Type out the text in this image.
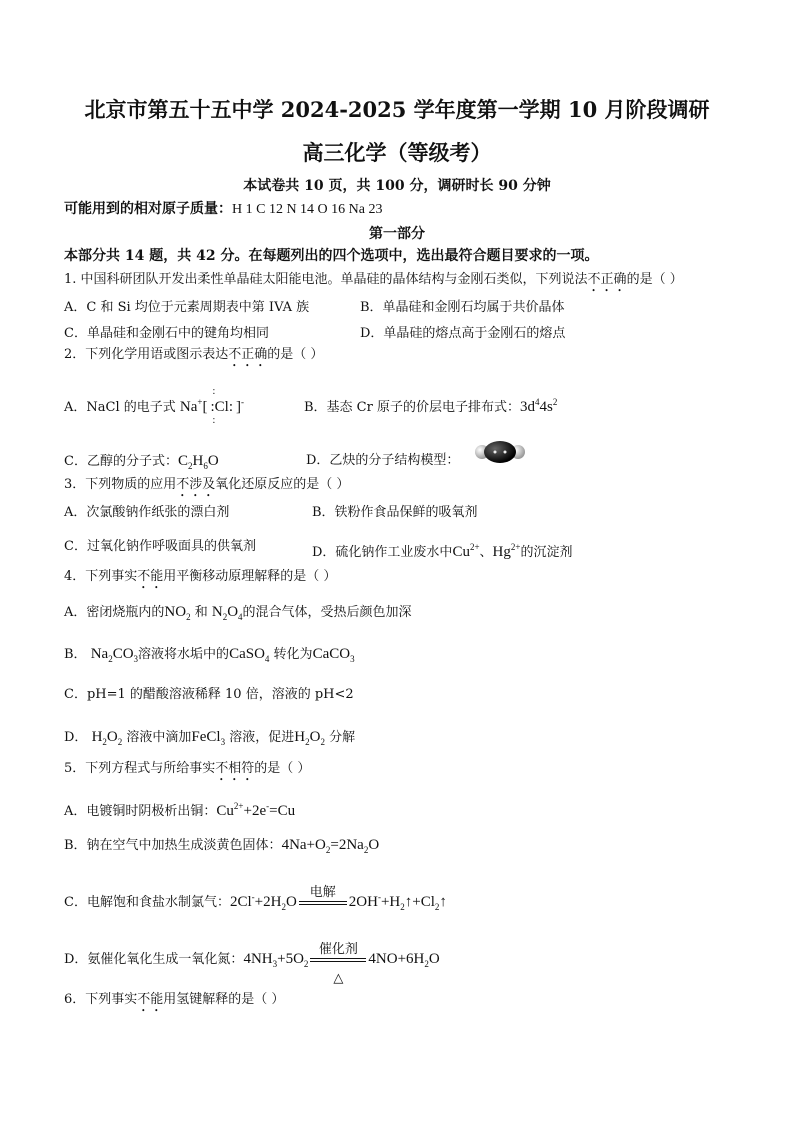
北京市第五十五中学 2024-2025 学年度第一学期 10 月阶段调研
高三化学（等级考）
本试卷共 10 页，共 100 分，调研时长 90 分钟
可能用到的相对原子质量：H 1 C 12 N 14 O 16 Na 23
第一部分
本部分共 14 题，共 42 分。在每题列出的四个选项中，选出最符合题目要求的一项。
1. 中国科研团队开发出柔性单晶硅太阳能电池。单晶硅的晶体结构与金刚石类似，下列说法不正确的是（ ）
A．C 和 Si 均位于元素周期表中第 IVA 族	B．单晶硅和金刚石均属于共价晶体
C．单晶硅和金刚石中的键角均相同	D．单晶硅的熔点高于金刚石的熔点
2．下列化学用语或图示表达不正确的是（ ）
A．NaCl 的电子式 Na+[
:
:
:Cl: ]-	B．基态 Cr 原子的价层电子排布式：$3d^44s^2$
C．乙醇的分子式：$C_2H_6O$	D．乙炔的分子结构模型：
3．下列物质的应用不涉及氧化还原反应的是（ ）
A．次氯酸钠作纸张的漂白剂	B．铁粉作食品保鲜的吸氧剂
C．过氧化钠作呼吸面具的供氧剂	D．硫化钠作工业废水中$Cu^{2+}$、$Hg^{2+}$的沉淀剂
4．下列事实不能用平衡移动原理解释的是（ ）
A．密闭烧瓶内的$NO_2$ 和 $N_2O_4$的混合气体，受热后颜色加深
B． $Na_2CO_3$溶液将水垢中的CaSO$_4$ 转化为CaCO$_3$
C．pH=1 的醋酸溶液稀释 10 倍，溶液的 pH<2
D． $H_2O_2$ 溶液中滴加FeCl$_3$ 溶液，促进$H_2O_2$ 分解
5．下列方程式与所给事实不相符的是（ ）
A．电镀铜时阴极析出铜：$Cu^{2+}+2e^-=Cu$
B．钠在空气中加热生成淡黄色固体：$4Na+O_2=2Na_2O$
C．电解饱和食盐水制氯气：$2Cl^-+2H_2O$
电解
$2OH^-+H_2↑+Cl_2↑$
D．氨催化氧化生成一氧化氮：$4NH_3+5O_2$
催化剂
△
$4NO+6H_2O$
6．下列事实不能用氢键解释的是（ ）
